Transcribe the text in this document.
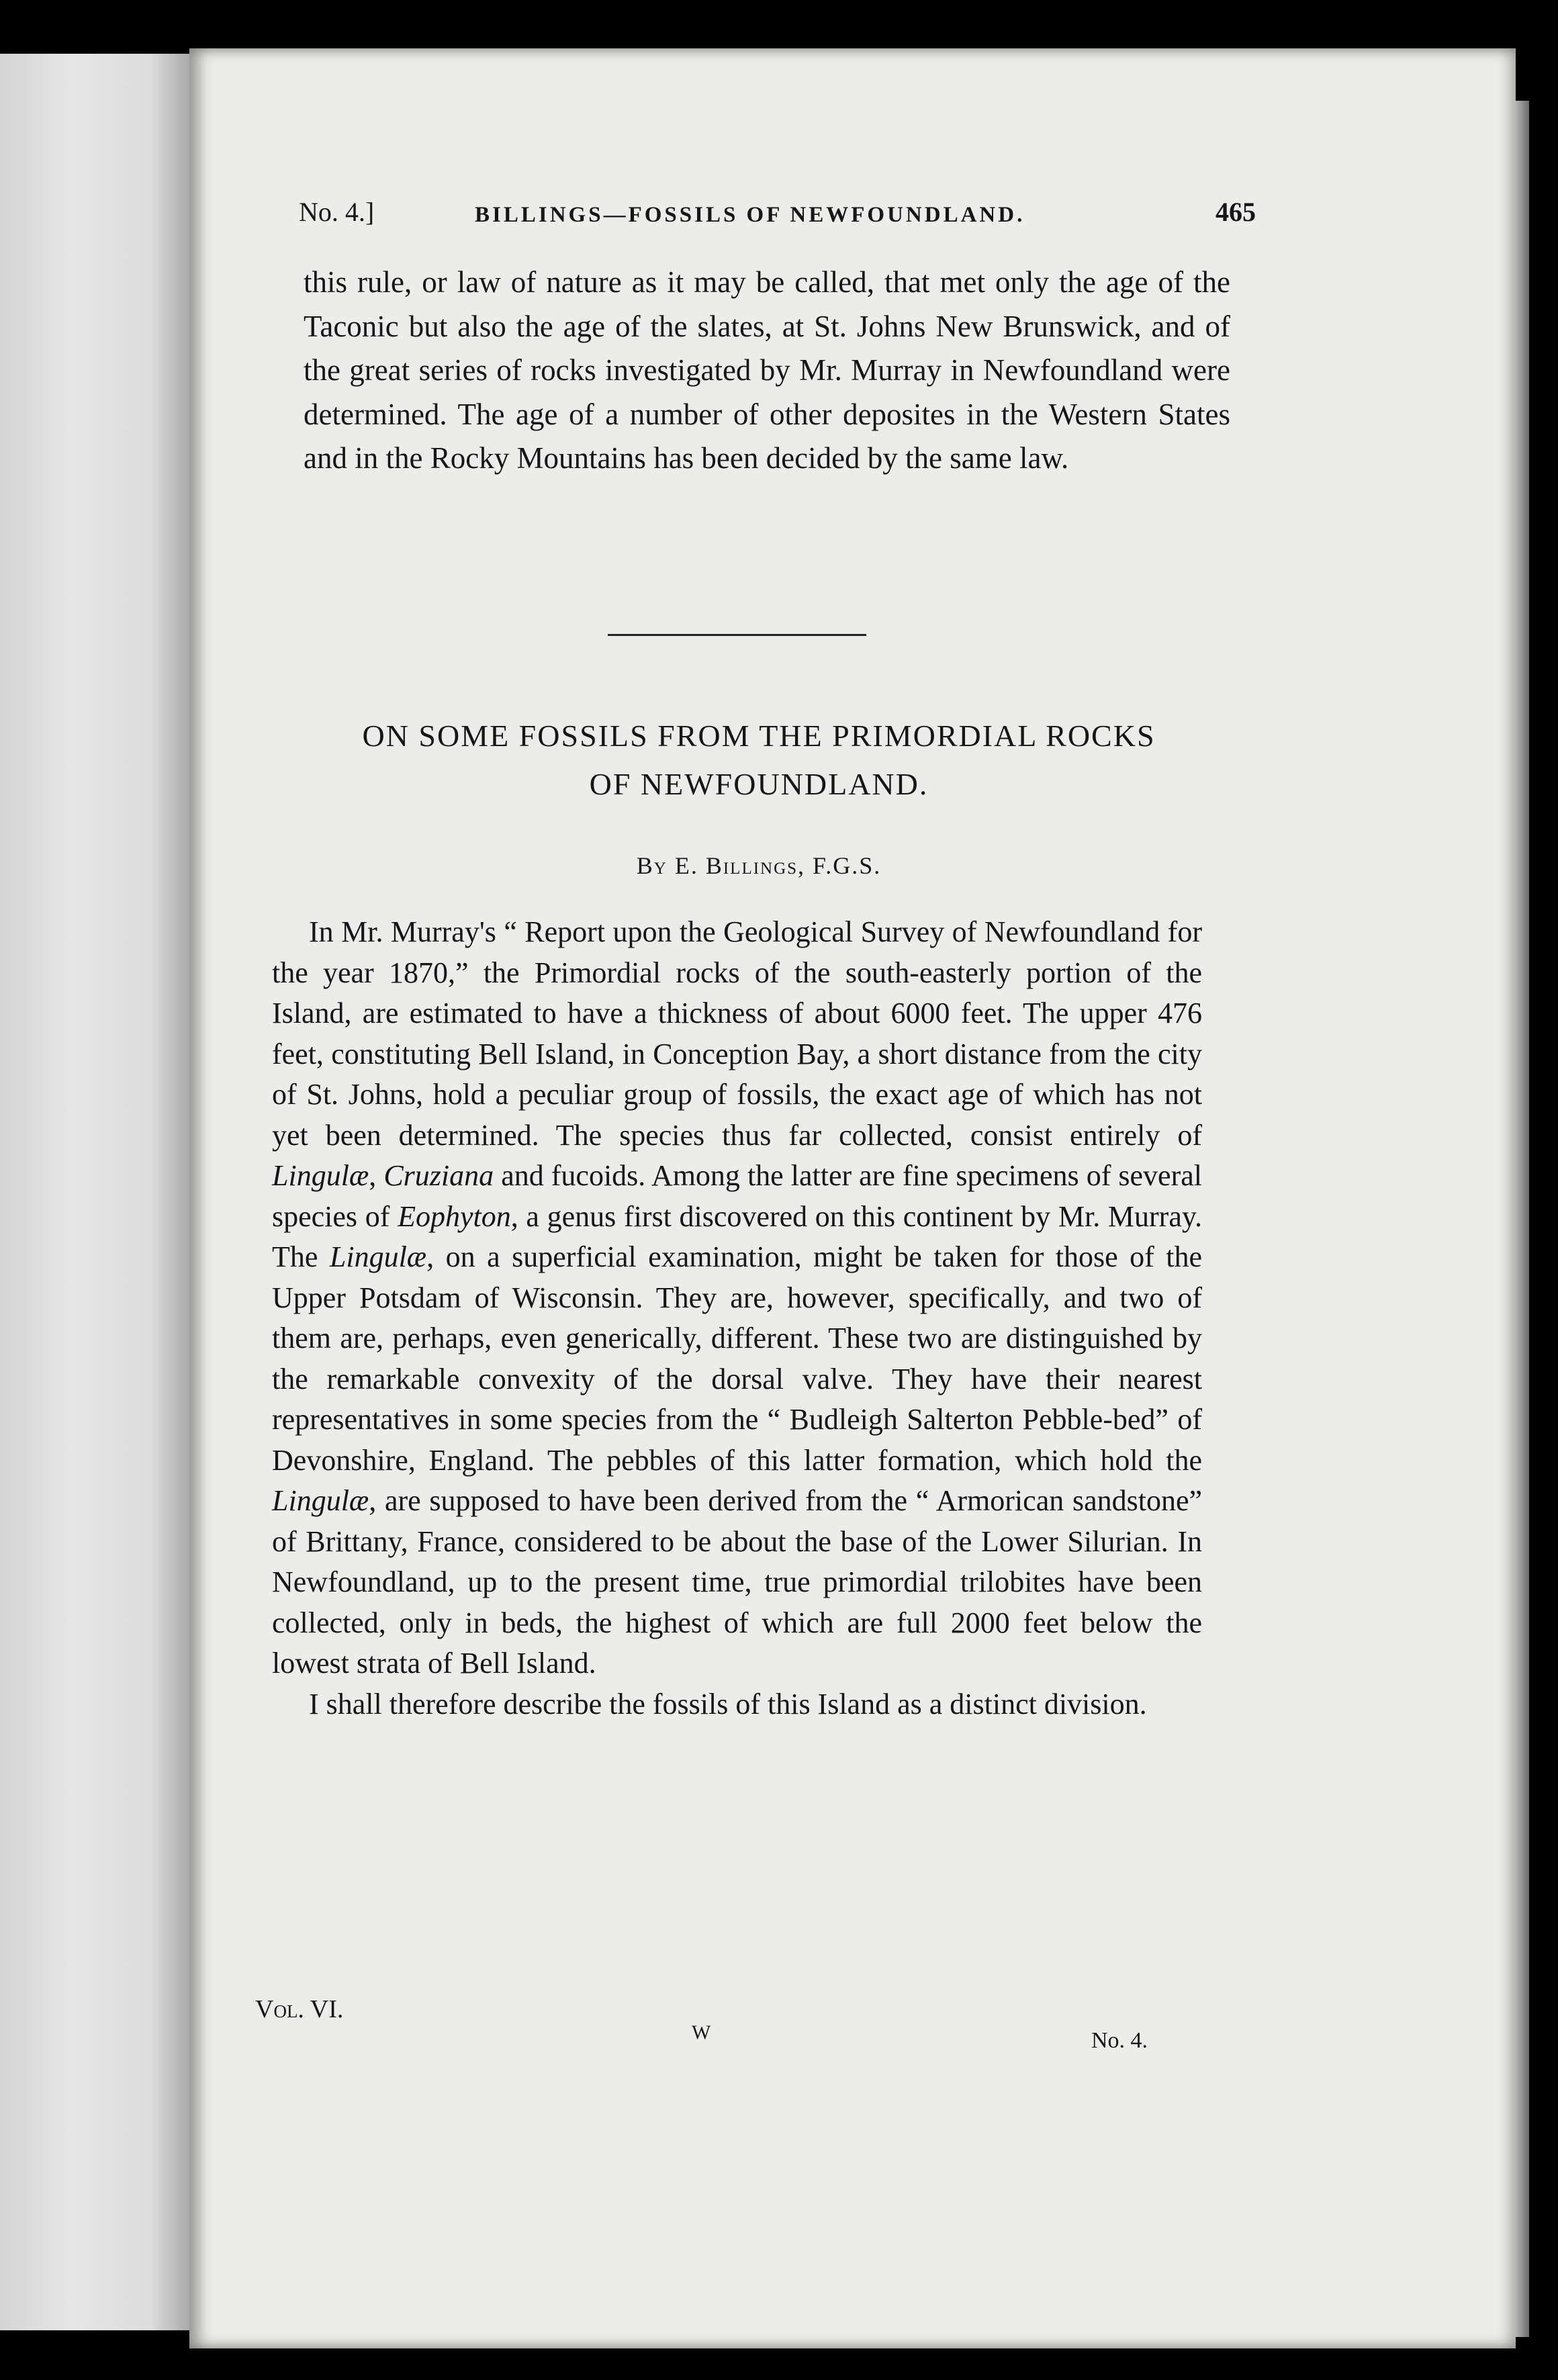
No. 4.]	BILLINGS—FOSSILS OF NEWFOUNDLAND.	465
this rule, or law of nature as it may be called, that met only the age of the Taconic but also the age of the slates, at St. Johns New Brunswick, and of the great series of rocks investigated by Mr. Murray in Newfoundland were determined. The age of a number of other deposites in the Western States and in the Rocky Mountains has been decided by the same law.
ON SOME FOSSILS FROM THE PRIMORDIAL ROCKS
OF NEWFOUNDLAND.
By E. Billings, F.G.S.

In Mr. Murray's “ Report upon the Geological Survey of Newfoundland for the year 1870,” the Primordial rocks of the south-easterly portion of the Island, are estimated to have a thickness of about 6000 feet. The upper 476 feet, constituting Bell Island, in Conception Bay, a short distance from the city of St. Johns, hold a peculiar group of fossils, the exact age of which has not yet been determined. The species thus far collected, consist entirely of Lingulæ, Cruziana and fucoids. Among the latter are fine specimens of several species of Eophyton, a genus first discovered on this continent by Mr. Murray. The Lingulæ, on a superficial examination, might be taken for those of the Upper Potsdam of Wisconsin. They are, however, specifically, and two of them are, perhaps, even generically, different. These two are distinguished by the remarkable convexity of the dorsal valve. They have their nearest representatives in some species from the “ Budleigh Salterton Pebble-bed” of Devonshire, England. The pebbles of this latter formation, which hold the Lingulæ, are supposed to have been derived from the “ Armorican sandstone” of Brittany, France, considered to be about the base of the Lower Silurian. In Newfoundland, up to the present time, true primordial trilobites have been collected, only in beds, the highest of which are full 2000 feet below the lowest strata of Bell Island.

I shall therefore describe the fossils of this Island as a distinct division.

Vol. VI.
W	No. 4.
